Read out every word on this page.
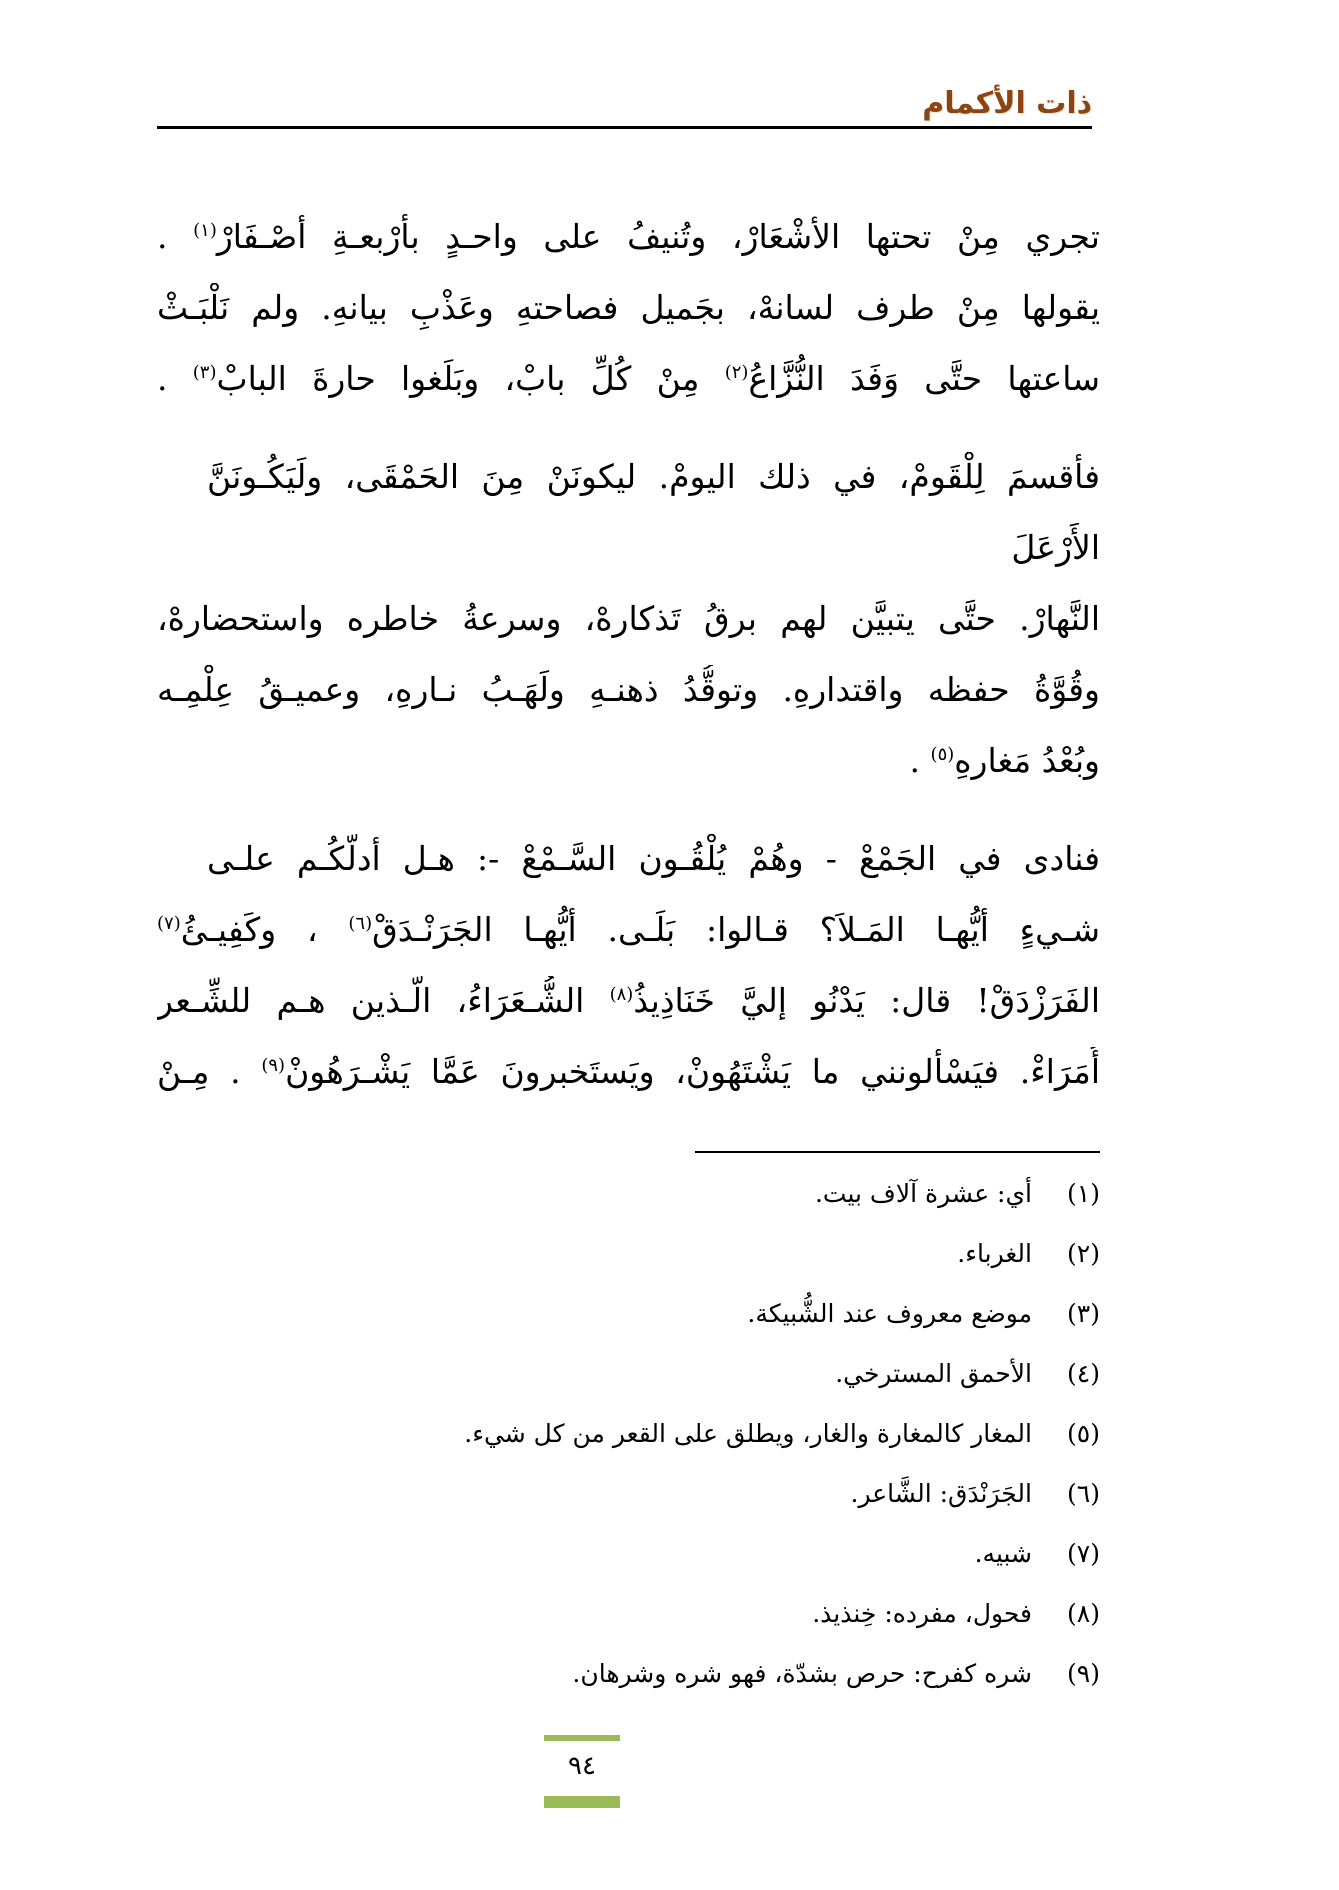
ذات الأكمام
تجري مِنْ تحتها الأشْعَارْ، وتُنيفُ على واحـدٍ بأرْبعـةِ أصْـفَارْ$^{(١)}$ .
يقولها مِنْ طرف لسانهْ، بجَميل فصاحتهِ وعَذْبِ بيانهِ. ولم نَلْبَـثْ
ساعتها حتَّى وَفَدَ النُّزَّاعُ$^{(٢)}$ مِنْ كُلِّ بابْ، وبَلَغوا حارةَ البابْ$^{(٣)}$ .
فأقسمَ لِلْقَومْ، في ذلك اليومْ. ليكونَنْ مِنَ الحَمْقَى، ولَيَكُـونَنَّ
الأَرْعَلَ
النَّهارْ. حتَّى يتبيَّن لهم برقُ تَذكارهْ، وسرعةُ خاطره واستحضارهْ،
وقُوَّةُ حفظه واقتدارهِ. وتوقُّدُ ذهنـهِ ولَهَـبُ نـارهِ، وعميـقُ عِلْمِـه
وبُعْدُ مَغارهِ$^{(٥)}$ .
فنادى في الجَمْعْ - وهُمْ يُلْقُـون السَّـمْعْ -: هـل أدلُّكُـم علـى
شـيءٍ أيُّهـا المَـلاَ؟ قـالوا: بَلَـى. أيُّهـا الجَرَنْـدَقْ$^{(٦)}$ ، وكَفِيـئُ$^{(٧)}$
الفَرَزْدَقْ! قال: يَدْنُو إليَّ خَنَاذِيذُ$^{(٨)}$ الشُّـعَرَاءُ، الَّـذين هـم للشِّـعر
أُمَرَاءْ. فيَسْألونني ما يَشْتَهُونْ، ويَستَخبرونَ عَمَّا يَشْـرَهُونْ$^{(٩)}$ . مِـنْ
(١)
أي: عشرة آلاف بيت.
(٢)
الغرباء.
(٣)
موضع معروف عند الشُّبيكة.
(٤)
الأحمق المسترخي.
(٥)
المغار كالمغارة والغار، ويطلق على القعر من كل شيء.
(٦)
الجَرَنْدَق: الشَّاعر.
(٧)
شبيه.
(٨)
فحول، مفرده: خِنذيذ.
(٩)
شره كفرح: حرص بشدّة، فهو شره وشرهان.
٩٤
